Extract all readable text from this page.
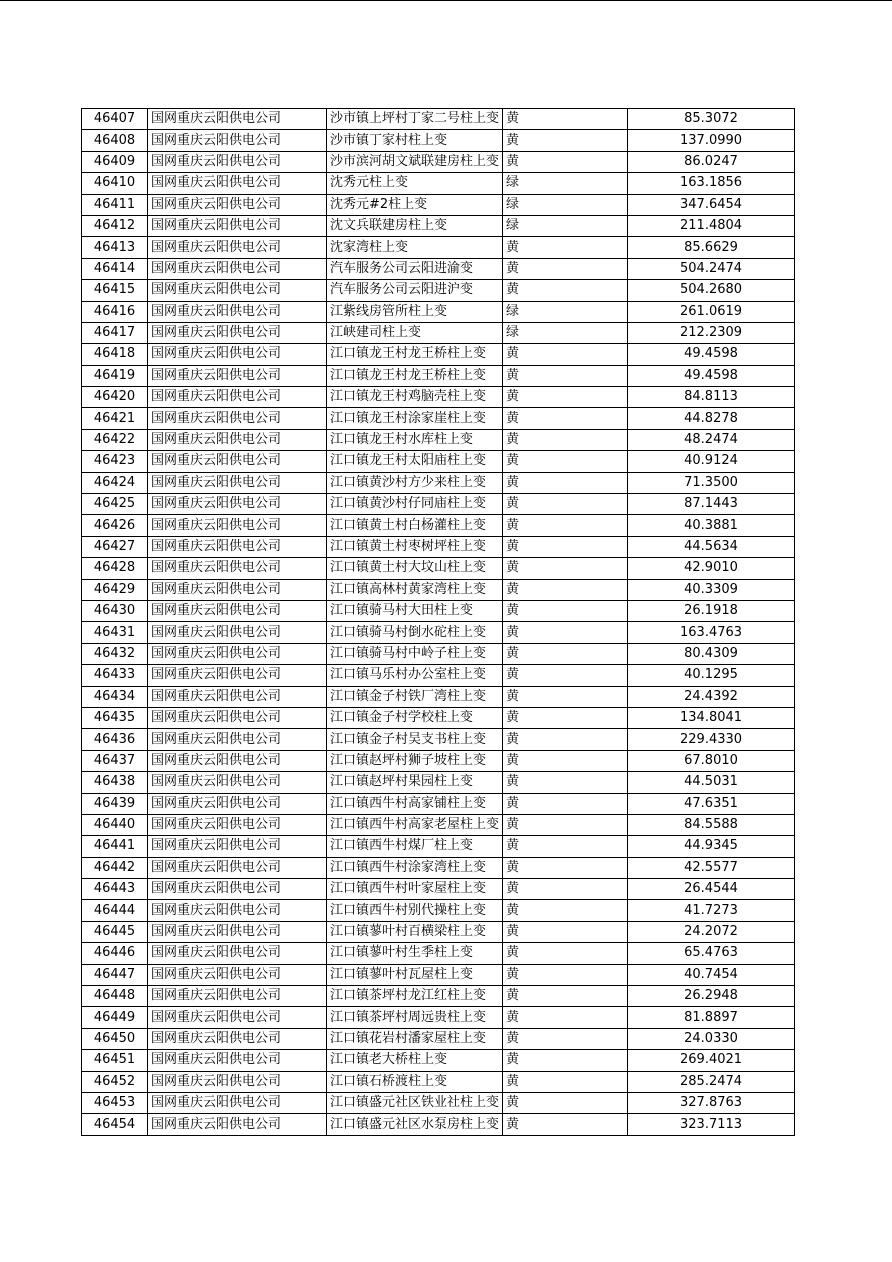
46407	国网重庆云阳供电公司	沙市镇上坪村丁家二号柱上变	黄	85.3072
46408	国网重庆云阳供电公司	沙市镇丁家村柱上变	黄	137.0990
46409	国网重庆云阳供电公司	沙市滨河胡文斌联建房柱上变	黄	86.0247
46410	国网重庆云阳供电公司	沈秀元柱上变	绿	163.1856
46411	国网重庆云阳供电公司	沈秀元#2柱上变	绿	347.6454
46412	国网重庆云阳供电公司	沈文兵联建房柱上变	绿	211.4804
46413	国网重庆云阳供电公司	沈家湾柱上变	黄	85.6629
46414	国网重庆云阳供电公司	汽车服务公司云阳进渝变	黄	504.2474
46415	国网重庆云阳供电公司	汽车服务公司云阳进沪变	黄	504.2680
46416	国网重庆云阳供电公司	江紫线房管所柱上变	绿	261.0619
46417	国网重庆云阳供电公司	江峡建司柱上变	绿	212.2309
46418	国网重庆云阳供电公司	江口镇龙王村龙王桥柱上变	黄	49.4598
46419	国网重庆云阳供电公司	江口镇龙王村龙王桥柱上变	黄	49.4598
46420	国网重庆云阳供电公司	江口镇龙王村鸡脑壳柱上变	黄	84.8113
46421	国网重庆云阳供电公司	江口镇龙王村涂家崖柱上变	黄	44.8278
46422	国网重庆云阳供电公司	江口镇龙王村水库柱上变	黄	48.2474
46423	国网重庆云阳供电公司	江口镇龙王村太阳庙柱上变	黄	40.9124
46424	国网重庆云阳供电公司	江口镇黄沙村方少来柱上变	黄	71.3500
46425	国网重庆云阳供电公司	江口镇黄沙村仔同庙柱上变	黄	87.1443
46426	国网重庆云阳供电公司	江口镇黄土村白杨灌柱上变	黄	40.3881
46427	国网重庆云阳供电公司	江口镇黄土村枣树坪柱上变	黄	44.5634
46428	国网重庆云阳供电公司	江口镇黄土村大坟山柱上变	黄	42.9010
46429	国网重庆云阳供电公司	江口镇高林村黄家湾柱上变	黄	40.3309
46430	国网重庆云阳供电公司	江口镇骑马村大田柱上变	黄	26.1918
46431	国网重庆云阳供电公司	江口镇骑马村倒水砣柱上变	黄	163.4763
46432	国网重庆云阳供电公司	江口镇骑马村中岭子柱上变	黄	80.4309
46433	国网重庆云阳供电公司	江口镇马乐村办公室柱上变	黄	40.1295
46434	国网重庆云阳供电公司	江口镇金子村铁厂湾柱上变	黄	24.4392
46435	国网重庆云阳供电公司	江口镇金子村学校柱上变	黄	134.8041
46436	国网重庆云阳供电公司	江口镇金子村吴支书柱上变	黄	229.4330
46437	国网重庆云阳供电公司	江口镇赵坪村狮子坡柱上变	黄	67.8010
46438	国网重庆云阳供电公司	江口镇赵坪村果园柱上变	黄	44.5031
46439	国网重庆云阳供电公司	江口镇西牛村高家铺柱上变	黄	47.6351
46440	国网重庆云阳供电公司	江口镇西牛村高家老屋柱上变	黄	84.5588
46441	国网重庆云阳供电公司	江口镇西牛村煤厂柱上变	黄	44.9345
46442	国网重庆云阳供电公司	江口镇西牛村涂家湾柱上变	黄	42.5577
46443	国网重庆云阳供电公司	江口镇西牛村叶家屋柱上变	黄	26.4544
46444	国网重庆云阳供电公司	江口镇西牛村别代操柱上变	黄	41.7273
46445	国网重庆云阳供电公司	江口镇蓼叶村百横梁柱上变	黄	24.2072
46446	国网重庆云阳供电公司	江口镇蓼叶村生季柱上变	黄	65.4763
46447	国网重庆云阳供电公司	江口镇蓼叶村瓦屋柱上变	黄	40.7454
46448	国网重庆云阳供电公司	江口镇茶坪村龙江红柱上变	黄	26.2948
46449	国网重庆云阳供电公司	江口镇茶坪村周远贵柱上变	黄	81.8897
46450	国网重庆云阳供电公司	江口镇花岩村潘家屋柱上变	黄	24.0330
46451	国网重庆云阳供电公司	江口镇老大桥柱上变	黄	269.4021
46452	国网重庆云阳供电公司	江口镇石桥渡柱上变	黄	285.2474
46453	国网重庆云阳供电公司	江口镇盛元社区铁业社柱上变	黄	327.8763
46454	国网重庆云阳供电公司	江口镇盛元社区水泵房柱上变	黄	323.7113
